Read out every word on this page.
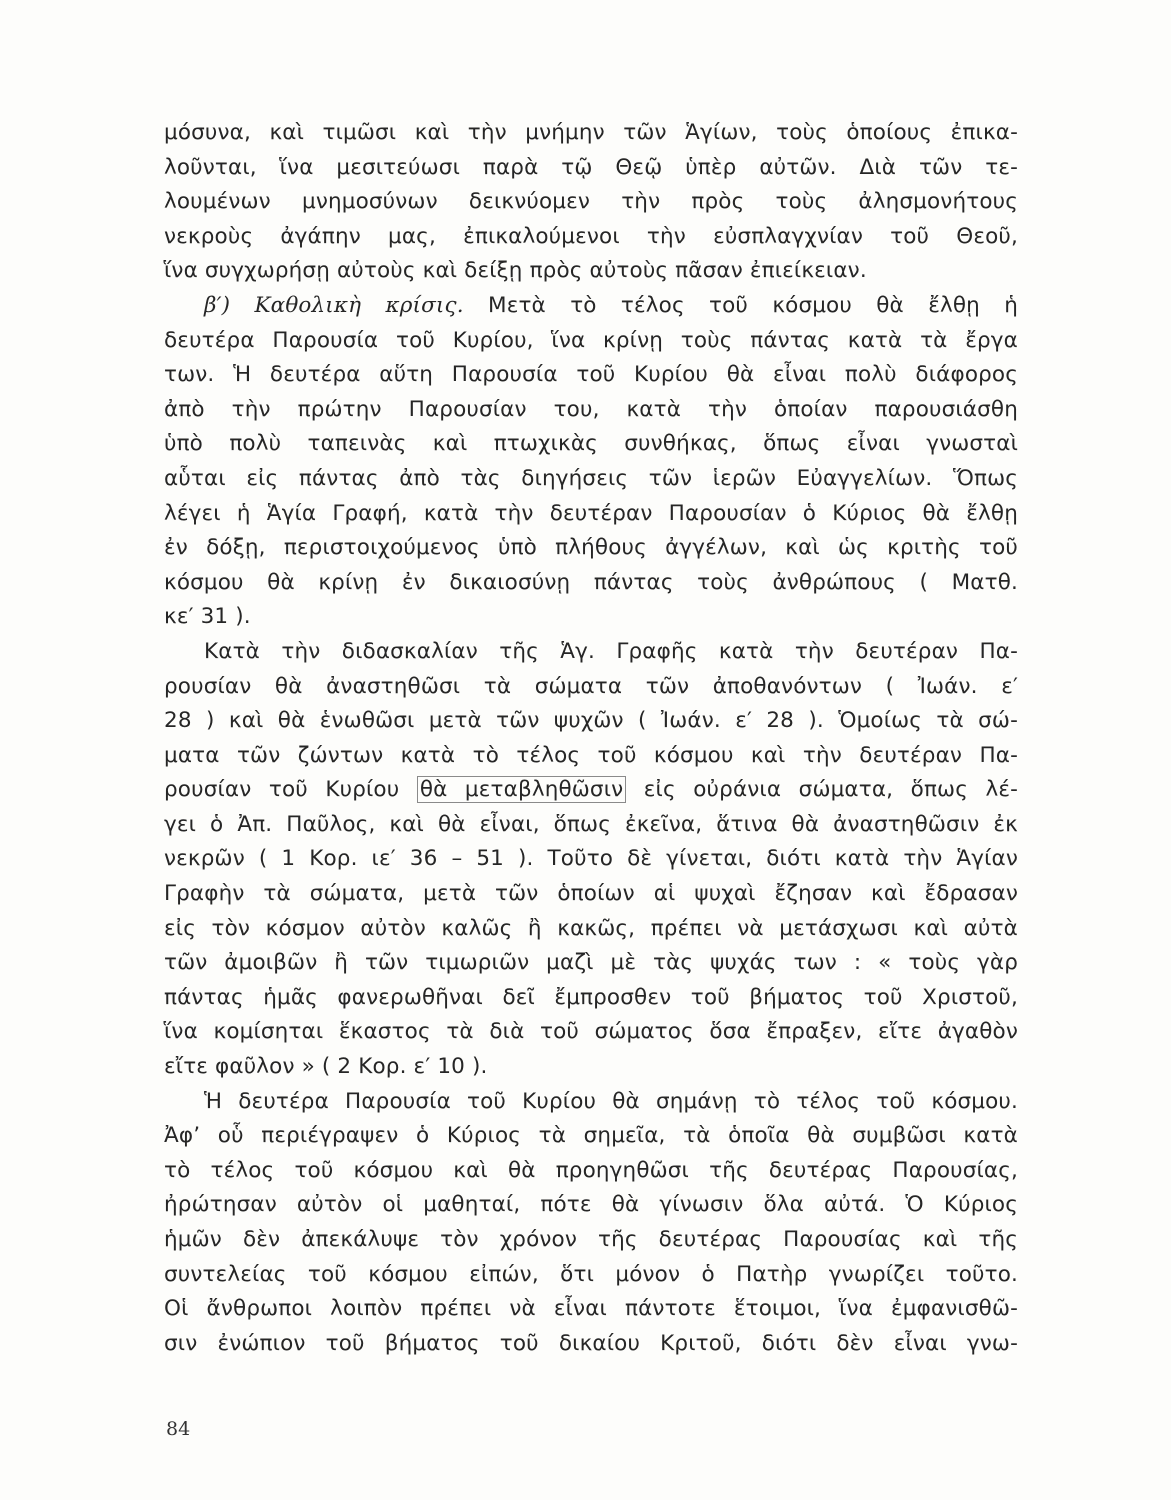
μόσυνα, καὶ τιμῶσι καὶ τὴν μνήμην τῶν Ἁγίων, τοὺς ὁποίους ἐπικα-
λοῦνται, ἵνα μεσιτεύωσι παρὰ τῷ Θεῷ ὑπὲρ αὐτῶν. Διὰ τῶν τε-
λουμένων μνημοσύνων δεικνύομεν τὴν πρὸς τοὺς ἀλησμονήτους
νεκροὺς ἀγάπην μας, ἐπικαλούμενοι τὴν εὐσπλαγχνίαν τοῦ Θεοῦ,
ἵνα συγχωρήσῃ αὐτοὺς καὶ δείξῃ πρὸς αὐτοὺς πᾶσαν ἐπιείκειαν.
β′) Καθολικὴ κρίσις. Μετὰ τὸ τέλος τοῦ κόσμου θὰ ἔλθῃ ἡ
δευτέρα Παρουσία τοῦ Κυρίου, ἵνα κρίνῃ τοὺς πάντας κατὰ τὰ ἔργα
των. Ἡ δευτέρα αὕτη Παρουσία τοῦ Κυρίου θὰ εἶναι πολὺ διάφορος
ἀπὸ τὴν πρώτην Παρουσίαν του, κατὰ τὴν ὁποίαν παρουσιάσθη
ὑπὸ πολὺ ταπεινὰς καὶ πτωχικὰς συνθήκας, ὅπως εἶναι γνωσταὶ
αὗται εἰς πάντας ἀπὸ τὰς διηγήσεις τῶν ἱερῶν Εὐαγγελίων. Ὅπως
λέγει ἡ Ἁγία Γραφή, κατὰ τὴν δευτέραν Παρουσίαν ὁ Κύριος θὰ ἔλθῃ
ἐν δόξῃ, περιστοιχούμενος ὑπὸ πλήθους ἀγγέλων, καὶ ὡς κριτὴς τοῦ
κόσμου θὰ κρίνῃ ἐν δικαιοσύνῃ πάντας τοὺς ἀνθρώπους ( Ματθ.
κε′ 31 ).
Κατὰ τὴν διδασκαλίαν τῆς Ἁγ. Γραφῆς κατὰ τὴν δευτέραν Πα-
ρουσίαν θὰ ἀναστηθῶσι τὰ σώματα τῶν ἀποθανόντων ( Ἰωάν. ε′
28 ) καὶ θὰ ἑνωθῶσι μετὰ τῶν ψυχῶν ( Ἰωάν. ε′ 28 ). Ὁμοίως τὰ σώ-
ματα τῶν ζώντων κατὰ τὸ τέλος τοῦ κόσμου καὶ τὴν δευτέραν Πα-
ρουσίαν τοῦ Κυρίου θὰ μεταβληθῶσιν εἰς οὐράνια σώματα, ὅπως λέ-
γει ὁ Ἀπ. Παῦλος, καὶ θὰ εἶναι, ὅπως ἐκεῖνα, ἅτινα θὰ ἀναστηθῶσιν ἐκ
νεκρῶν ( 1 Κορ. ιε′ 36 – 51 ). Τοῦτο δὲ γίνεται, διότι κατὰ τὴν Ἁγίαν
Γραφὴν τὰ σώματα, μετὰ τῶν ὁποίων αἱ ψυχαὶ ἔζησαν καὶ ἔδρασαν
εἰς τὸν κόσμον αὐτὸν καλῶς ἢ κακῶς, πρέπει νὰ μετάσχωσι καὶ αὐτὰ
τῶν ἀμοιβῶν ἢ τῶν τιμωριῶν μαζὶ μὲ τὰς ψυχάς των : « τοὺς γὰρ
πάντας ἡμᾶς φανερωθῆναι δεῖ ἔμπροσθεν τοῦ βήματος τοῦ Χριστοῦ,
ἵνα κομίσηται ἕκαστος τὰ διὰ τοῦ σώματος ὅσα ἔπραξεν, εἴτε ἀγαθὸν
εἴτε φαῦλον » ( 2 Κορ. ε′ 10 ).
Ἡ δευτέρα Παρουσία τοῦ Κυρίου θὰ σημάνῃ τὸ τέλος τοῦ κόσμου.
Ἀφ’ οὗ περιέγραψεν ὁ Κύριος τὰ σημεῖα, τὰ ὁποῖα θὰ συμβῶσι κατὰ
τὸ τέλος τοῦ κόσμου καὶ θὰ προηγηθῶσι τῆς δευτέρας Παρουσίας,
ἠρώτησαν αὐτὸν οἱ μαθηταί, πότε θὰ γίνωσιν ὅλα αὐτά. Ὁ Κύριος
ἡμῶν δὲν ἀπεκάλυψε τὸν χρόνον τῆς δευτέρας Παρουσίας καὶ τῆς
συντελείας τοῦ κόσμου εἰπών, ὅτι μόνον ὁ Πατὴρ γνωρίζει τοῦτο.
Οἱ ἄνθρωποι λοιπὸν πρέπει νὰ εἶναι πάντοτε ἕτοιμοι, ἵνα ἐμφανισθῶ-
σιν ἐνώπιον τοῦ βήματος τοῦ δικαίου Κριτοῦ, διότι δὲν εἶναι γνω-
84
